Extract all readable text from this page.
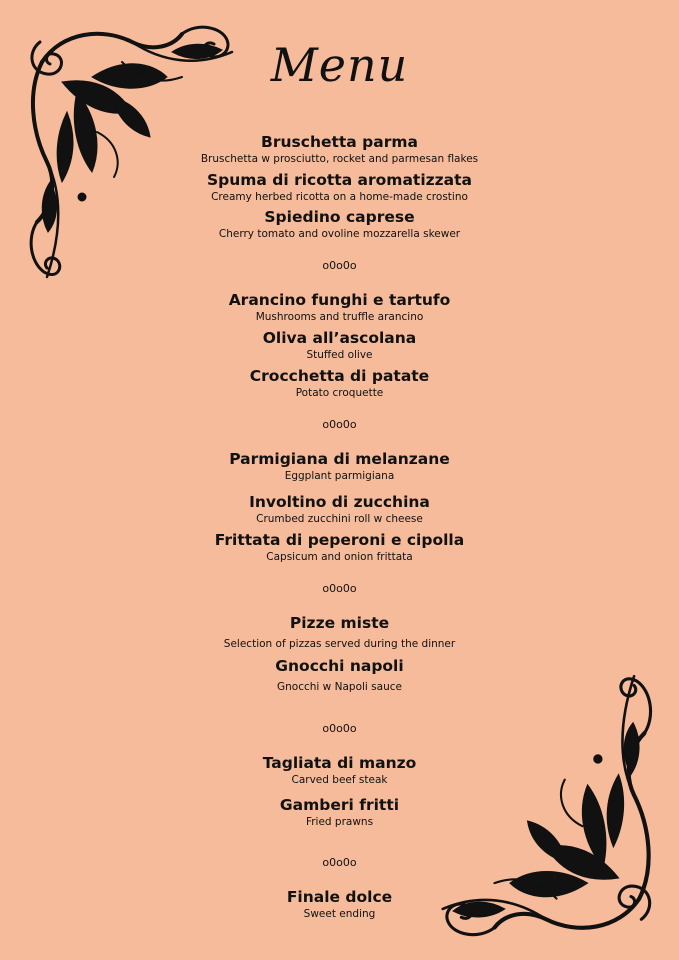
Menu
Bruschetta parma
Bruschetta w prosciutto, rocket and parmesan flakes
Spuma di ricotta aromatizzata
Creamy herbed ricotta on a home-made crostino
Spiedino caprese
Cherry tomato and ovoline mozzarella skewer
o0o0o
Arancino funghi e tartufo
Mushrooms and truffle arancino
Oliva all’ascolana
Stuffed olive
Crocchetta di patate
Potato croquette
o0o0o
Parmigiana di melanzane
Eggplant parmigiana
Involtino di zucchina
Crumbed zucchini roll w cheese
Frittata di peperoni e cipolla
Capsicum and onion frittata
o0o0o
Pizze miste
Selection of pizzas served during the dinner
Gnocchi napoli
Gnocchi w Napoli sauce
o0o0o
Tagliata di manzo
Carved beef steak
Gamberi fritti
Fried prawns
o0o0o
Finale dolce
Sweet ending
